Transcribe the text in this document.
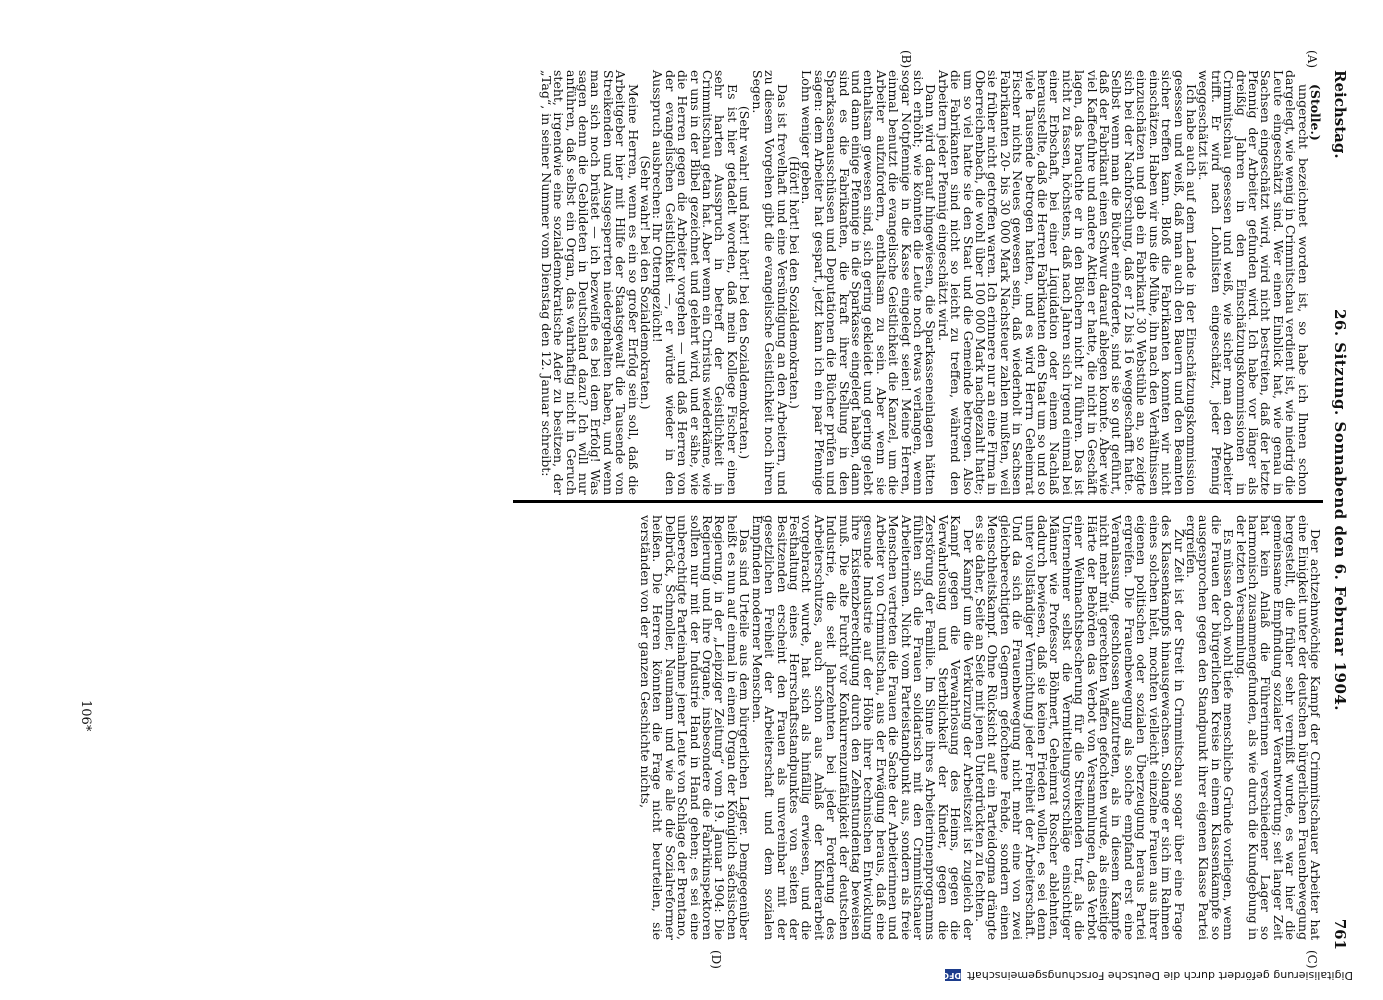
Reichstag.
26. Sitzung. Sonnabend den 6. Februar 1904.
761
(A)
(B)
(C)
(D)

(Stolle.)

ungerecht bezeichnet worden ist, so habe ich Ihnen schon dargelegt, wie wenig in Crimmitschau verdient ist, wie niedrig die Leute eingeschätzt sind. Wer einen Einblick hat, wie genau in Sachsen eingeschätzt wird, wird nicht bestreiten, daß der letzte Pfennig der Arbeiter gefunden wird. Ich habe vor länger als dreißig Jahren in den Einschätzungskommissionen in Crimmitschau gesessen und weiß, wie sicher man den Arbeiter trifft. Er wird nach Lohnlisten eingeschätzt, jeder Pfennig weggeschätzt ist.

Ich habe auch auf dem Lande in der Einschätzungskommission gesessen und weiß, daß man auch den Bauern und den Beamten sicher treffen kann. Bloß die Fabrikanten konnten wir nicht einschätzen. Haben wir uns die Mühe, ihn nach den Verhältnissen einzuschätzen und gab ein Fabrikant 30 Webstühle an, so zeigte sich bei der Nachforschung, daß er 12 bis 16 weggeschafft hatte. Selbst wenn man die Bücher einforderte, sind sie so gut geführt, daß der Fabrikant einen Schwur darauf ablegen konnte. Aber wie viel Kaffeefuhre und andere Aktien er hatte, die nicht in Geschäft lagen, das brauchte er in den Büchern nicht zu führen. Das ist nicht zu fassen, höchstens, daß nach Jahren sich irgend einmal bei einer Erbschaft, bei einer Liquidation oder einem Nachlaß herausstellte, daß die Herren Fabrikanten den Staat um so und so viele Tausende betrogen hatten, und es wird Herrn Geheimrat Fischer nichts Neues gewesen sein, daß wiederholt in Sachsen Fabrikanten 20- bis 30 000 Mark Nachsteuer zahlen mußten, weil sie früher nicht getroffen waren. Ich erinnere nur an eine Firma in Oberreichenbach, die wohl über 100 000 Mark nachgezahlt hatte; um so viel hatte sie den Staat und die Gemeinde betrogen. Also die Fabrikanten sind nicht so leicht zu treffen, während den Arbeitern jeder Pfennig eingeschätzt wird.

Dann wird darauf hingewiesen, die Sparkasseneinlagen hätten sich erhöht; wie könnten die Leute noch etwas verlangen, wenn sogar Notpfennige in die Kasse eingelegt seien! Meine Herren, einmal benutzt die evangelische Geistlichkeit die Kanzel, um die Arbeiter aufzufordern, enthaltsam zu sein. Aber wenn sie enthaltsam gewesen sind, sich gering gekleidet und gering gelebt und dann einige Pfennige in die Sparkasse eingelegt haben, dann sind es die Fabrikanten, die kraft ihrer Stellung in den Sparkassenausschüssen und Deputationen die Bücher prüfen und sagen: dem Arbeiter hat gespart, jetzt kann ich ein paar Pfennige Lohn weniger geben.

(Hört! hört! bei den Sozialdemokraten.)

Das ist frevelhaft und eine Versündigung an den Arbeitern, und zu diesem Vorgehen gibt die evangelische Geistlichkeit noch ihren Segen.

(Sehr wahr! und hört! hört! bei den Sozialdemokraten.)

Es ist hier getadelt worden, daß mein Kollege Fischer einen sehr harten Ausspruch in betreff der Geistlichkeit in Crimmitschau getan hat. Aber wenn ein Christus wiederkäme, wie er uns in der Bibel gezeichnet und gelehrt wird, und er sähe, wie die Herren gegen die Arbeiter vorgehen — und daß Herren von der evangelischen Geistlichkeit —, er würde wieder in den Ausspruch ausbrechen: Ihr Otterngezücht!

(Sehr wahr! bei den Sozialdemokraten.)

Meine Herren, wenn es ein so großer Erfolg sein soll, daß die Arbeitgeber hier mit Hilfe der Staatsgewalt die Tausende von Streikenden und Ausgesperrten niedergehalten haben, und wenn man sich noch brüstet — ich bezweifle es bei dem Erfolg! Was sagen denn die Gebildeten in Deutschland dazu? Ich will nur anführen, daß selbst ein Organ, das wahrhaftig nicht in Geruch steht, irgendwie eine sozialdemokratische Ader zu besitzen, der „Tag“, in seiner Nummer vom Dienstag den 12. Januar schreibt:

Der achtzehnwöchige Kampf der Crimmitschauer Arbeiter hat eine Einigkeit unter der deutschen bürgerlichen Frauenbewegung hergestellt, die früher sehr vermißt wurde, es war hier die gemeinsame Empfindung sozialer Verantwortung; seit langer Zeit hat kein Anlaß die Führerinnen verschiedener Lager so harmonisch zusammengefunden, als wie durch die Kundgebung in der letzten Versammlung.

Es müssen doch wohl tiefe menschliche Gründe vorliegen, wenn die Frauen der bürgerlichen Kreise in einem Klassenkampfe so ausgesprochen gegen den Standpunkt ihrer eigenen Klasse Partei ergreifen.

Zur Zeit ist der Streit in Crimmitschau sogar über eine Frage des Klassenkampfs hinausgewachsen. Solange er sich im Rahmen eines solchen hielt, mochten vielleicht einzelne Frauen aus ihrer eigenen politischen oder sozialen Überzeugung heraus Partei ergreifen. Die Frauenbewegung als solche empfand erst eine Veranlassung, geschlossen aufzutreten, als in diesem Kampfe nicht mehr mit gerechten Waffen gefochten wurde, als einseitige Härte der Behörden das Verbot von Versammlungen, das Verbot einer Weihnachtsbescherung für die Streikenden traf, als die Unternehmer selbst die Vermittelungsvorschläge einsichtiger Männer wie Professor Böhmert, Geheimrat Roscher ablehnten, dadurch bewiesen, daß sie keinen Frieden wollen, es sei denn unter vollständiger Vernichtung jeder Freiheit der Arbeiterschaft. Und da sich die Frauenbewegung nicht mehr eine von zwei gleichberechtigten Gegnern gefochtene Fehde, sondern einen Menschheitskampf. Ohne Rücksicht auf ein Parteidogma drängte es sie daher, Seite an Seite mit jenen Unterdrückten zu fechten.

Der Kampf um die Verkürzung der Arbeitszeit ist zugleich der Kampf gegen die Verwahrlosung des Heims, gegen die Verwahrlosung und Sterblichkeit der Kinder, gegen die Zerstörung der Familie. Im Sinne ihres Arbeiterinnenprogramms fühlten sich die Frauen solidarisch mit den Crimmitschauer Arbeiterinnen. Nicht vom Parteistandpunkt aus, sondern als freie Menschen vertreten die Frauen die Sache der Arbeiterinnen und Arbeiter von Crimmitschau, aus der Erwägung heraus, daß eine gesunde Industrie auf der Höhe ihrer technischen Entwicklung ihre Existenzberechtigung durch den Zehnstundentag beweisen muß. Die alte Furcht vor Konkurrenzunfähigkeit der deutschen Industrie, die seit Jahrzehnten bei jeder Forderung des Arbeiterschutzes, auch schon aus Anlaß der Kinderarbeit vorgebracht wurde, hat sich als hinfällig erwiesen, und die Festhaltung eines Herrschaftsstandpunktes von seiten der Besitzenden erscheint den Frauen als unvereinbar mit der gesetzlichen Freiheit der Arbeiterschaft und dem sozialen Empfinden moderner Menschen.

Das sind Urteile aus dem bürgerlichen Lager. Demgegenüber heißt es nun auf einmal in einem Organ der Königlich sächsischen Regierung, in der „Leipziger Zeitung“ vom 19. Januar 1904: Die Regierung und ihre Organe, insbesondere die Fabrikinspektoren sollten nur mit der Industrie Hand in Hand gehen; es sei eine unberechtigte Parteinahme jener Leute von Schlage der Brentano, Delbrück, Schmoller, Naumann und wie alle die Sozialreformer heißen. Die Herren könnten die Frage nicht beurteilen, sie verständen von der ganzen Geschichte nichts,

106*
Digitalisierung gefördert durch die Deutsche ForschungsgemeinschaftDFG
